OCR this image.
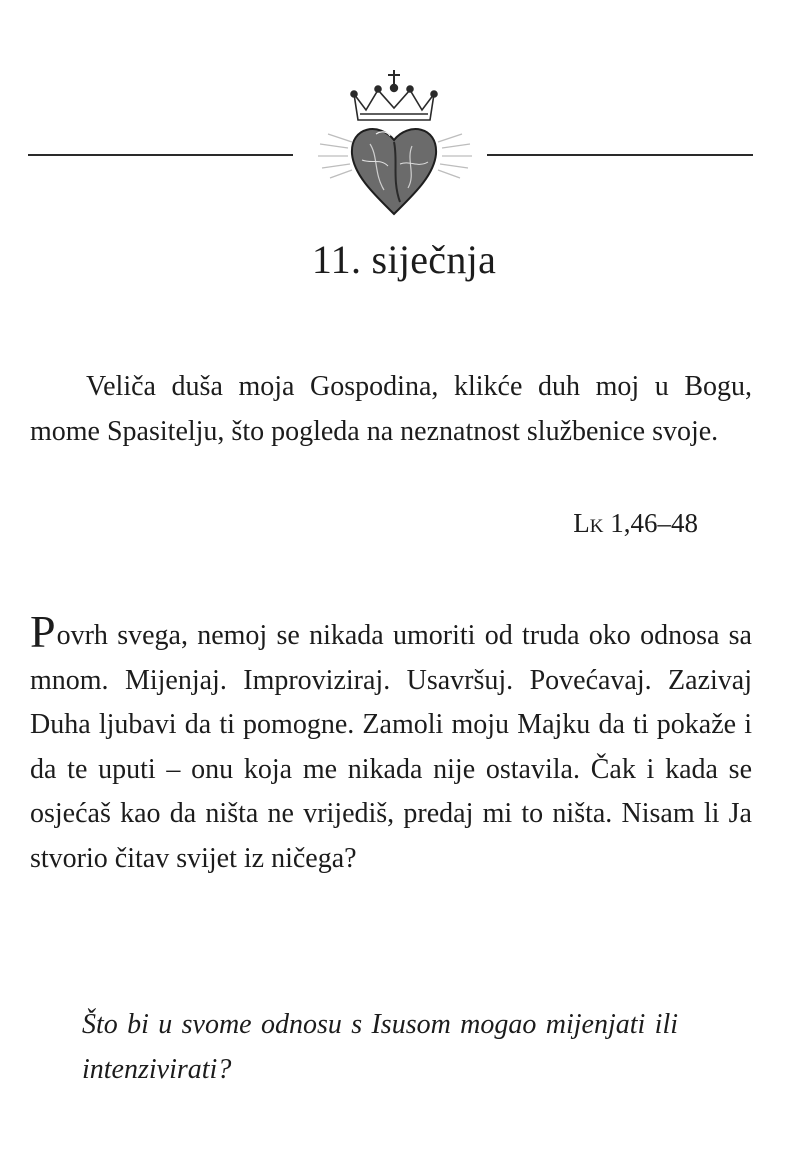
11. siječnja

Veliča duša moja Gospodina, klikće duh moj u Bogu, mome Spasitelju, što pogleda na neznatnost službenice svoje.

Lk 1,46–48

Povrh svega, nemoj se nikada umoriti od truda oko odnosa sa mnom. Mijenjaj. Improviziraj. Usavršuj. Povećavaj. Zazivaj Duha ljubavi da ti pomogne. Zamoli moju Majku da ti pokaže i da te uputi – onu koja me nikada nije ostavila. Čak i kada se osjećaš kao da ništa ne vrijediš, predaj mi to ništa. Nisam li Ja stvorio čitav svijet iz ničega?

Što bi u svome odnosu s Isusom mogao mijenjati ili intenzivirati?
